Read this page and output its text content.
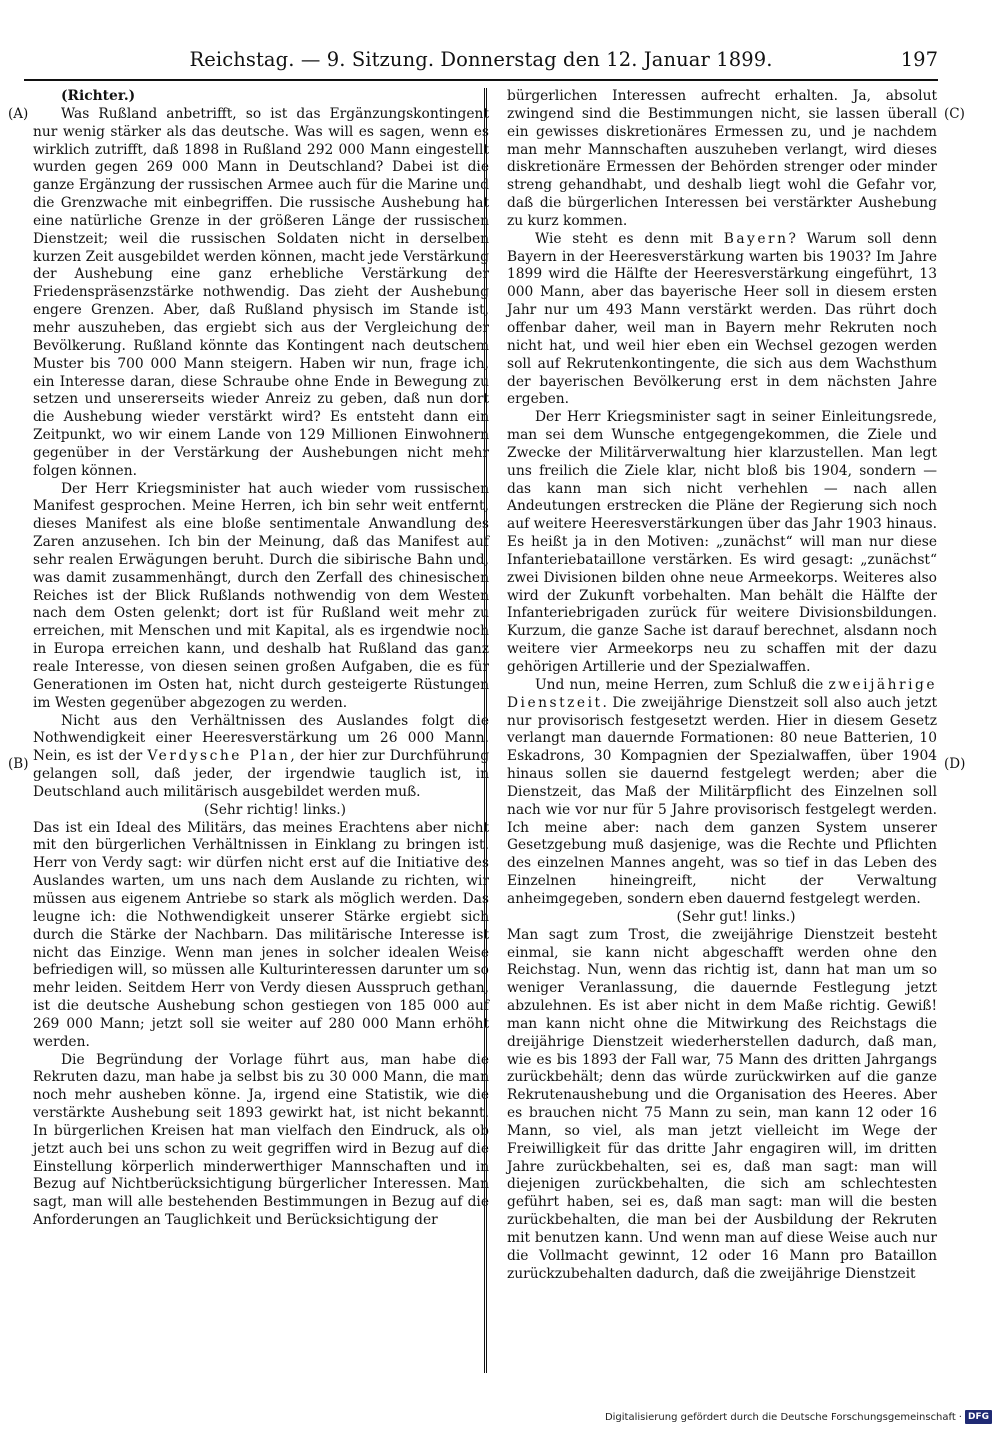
Reichstag. — 9. Sitzung. Donnerstag den 12. Januar 1899.	197
(A)
(B)
(C)
(D)

(Richter.)

Was Rußland anbetrifft, so ist das Ergänzungskontingent nur wenig stärker als das deutsche. Was will es sagen, wenn es wirklich zutrifft, daß 1898 in Rußland 292 000 Mann eingestellt wurden gegen 269 000 Mann in Deutschland? Dabei ist die ganze Ergänzung der russischen Armee auch für die Marine und die Grenzwache mit einbegriffen. Die russische Aushebung hat eine natürliche Grenze in der größeren Länge der russischen Dienstzeit; weil die russischen Soldaten nicht in derselben kurzen Zeit ausgebildet werden können, macht jede Verstärkung der Aushebung eine ganz erhebliche Verstärkung der Friedenspräsenzstärke nothwendig. Das zieht der Aushebung engere Grenzen. Aber, daß Rußland physisch im Stande ist, mehr auszuheben, das ergiebt sich aus der Vergleichung der Bevölkerung. Rußland könnte das Kontingent nach deutschem Muster bis 700 000 Mann steigern. Haben wir nun, frage ich, ein Interesse daran, diese Schraube ohne Ende in Bewegung zu setzen und unsererseits wieder Anreiz zu geben, daß nun dort die Aushebung wieder verstärkt wird? Es entsteht dann ein Zeitpunkt, wo wir einem Lande von 129 Millionen Einwohnern gegenüber in der Verstärkung der Aushebungen nicht mehr folgen können.

Der Herr Kriegsminister hat auch wieder vom russischen Manifest gesprochen. Meine Herren, ich bin sehr weit entfernt, dieses Manifest als eine bloße sentimentale Anwandlung des Zaren anzusehen. Ich bin der Meinung, daß das Manifest auf sehr realen Erwägungen beruht. Durch die sibirische Bahn und, was damit zusammenhängt, durch den Zerfall des chinesischen Reiches ist der Blick Rußlands nothwendig von dem Westen nach dem Osten gelenkt; dort ist für Rußland weit mehr zu erreichen, mit Menschen und mit Kapital, als es irgendwie noch in Europa erreichen kann, und deshalb hat Rußland das ganz reale Interesse, von diesen seinen großen Aufgaben, die es für Generationen im Osten hat, nicht durch gesteigerte Rüstungen im Westen gegenüber abgezogen zu werden.

Nicht aus den Verhältnissen des Auslandes folgt die Nothwendigkeit einer Heeresverstärkung um 26 000 Mann. Nein, es ist der Verdysche Plan, der hier zur Durchführung gelangen soll, daß jeder, der irgendwie tauglich ist, in Deutschland auch militärisch ausgebildet werden muß.

(Sehr richtig! links.)

Das ist ein Ideal des Militärs, das meines Erachtens aber nicht mit den bürgerlichen Verhältnissen in Einklang zu bringen ist. Herr von Verdy sagt: wir dürfen nicht erst auf die Initiative des Auslandes warten, um uns nach dem Auslande zu richten, wir müssen aus eigenem Antriebe so stark als möglich werden. Das leugne ich: die Nothwendigkeit unserer Stärke ergiebt sich durch die Stärke der Nachbarn. Das militärische Interesse ist nicht das Einzige. Wenn man jenes in solcher idealen Weise befriedigen will, so müssen alle Kulturinteressen darunter um so mehr leiden. Seitdem Herr von Verdy diesen Ausspruch gethan, ist die deutsche Aushebung schon gestiegen von 185 000 auf 269 000 Mann; jetzt soll sie weiter auf 280 000 Mann erhöht werden.

Die Begründung der Vorlage führt aus, man habe die Rekruten dazu, man habe ja selbst bis zu 30 000 Mann, die man noch mehr ausheben könne. Ja, irgend eine Statistik, wie die verstärkte Aushebung seit 1893 gewirkt hat, ist nicht bekannt. In bürgerlichen Kreisen hat man vielfach den Eindruck, als ob jetzt auch bei uns schon zu weit gegriffen wird in Bezug auf die Einstellung körperlich minderwerthiger Mannschaften und in Bezug auf Nichtberücksichtigung bürgerlicher Interessen. Man sagt, man will alle bestehenden Bestimmungen in Bezug auf die Anforderungen an Tauglichkeit und Berücksichtigung der

bürgerlichen Interessen aufrecht erhalten. Ja, absolut zwingend sind die Bestimmungen nicht, sie lassen überall ein gewisses diskretionäres Ermessen zu, und je nachdem man mehr Mannschaften auszuheben verlangt, wird dieses diskretionäre Ermessen der Behörden strenger oder minder streng gehandhabt, und deshalb liegt wohl die Gefahr vor, daß die bürgerlichen Interessen bei verstärkter Aushebung zu kurz kommen.

Wie steht es denn mit Bayern? Warum soll denn Bayern in der Heeresverstärkung warten bis 1903? Im Jahre 1899 wird die Hälfte der Heeresverstärkung eingeführt, 13 000 Mann, aber das bayerische Heer soll in diesem ersten Jahr nur um 493 Mann verstärkt werden. Das rührt doch offenbar daher, weil man in Bayern mehr Rekruten noch nicht hat, und weil hier eben ein Wechsel gezogen werden soll auf Rekrutenkontingente, die sich aus dem Wachsthum der bayerischen Bevölkerung erst in dem nächsten Jahre ergeben.

Der Herr Kriegsminister sagt in seiner Einleitungsrede, man sei dem Wunsche entgegengekommen, die Ziele und Zwecke der Militärverwaltung hier klarzustellen. Man legt uns freilich die Ziele klar, nicht bloß bis 1904, sondern — das kann man sich nicht verhehlen — nach allen Andeutungen erstrecken die Pläne der Regierung sich noch auf weitere Heeresverstärkungen über das Jahr 1903 hinaus. Es heißt ja in den Motiven: „zunächst“ will man nur diese Infanteriebataillone verstärken. Es wird gesagt: „zunächst“ zwei Divisionen bilden ohne neue Armeekorps. Weiteres also wird der Zukunft vorbehalten. Man behält die Hälfte der Infanteriebrigaden zurück für weitere Divisionsbildungen. Kurzum, die ganze Sache ist darauf berechnet, alsdann noch weitere vier Armeekorps neu zu schaffen mit der dazu gehörigen Artillerie und der Spezialwaffen.

Und nun, meine Herren, zum Schluß die zweijährige Dienstzeit. Die zweijährige Dienstzeit soll also auch jetzt nur provisorisch festgesetzt werden. Hier in diesem Gesetz verlangt man dauernde Formationen: 80 neue Batterien, 10 Eskadrons, 30 Kompagnien der Spezialwaffen, über 1904 hinaus sollen sie dauernd festgelegt werden; aber die Dienstzeit, das Maß der Militärpflicht des Einzelnen soll nach wie vor nur für 5 Jahre provisorisch festgelegt werden. Ich meine aber: nach dem ganzen System unserer Gesetzgebung muß dasjenige, was die Rechte und Pflichten des einzelnen Mannes angeht, was so tief in das Leben des Einzelnen hineingreift, nicht der Verwaltung anheimgegeben, sondern eben dauernd festgelegt werden.

(Sehr gut! links.)

Man sagt zum Trost, die zweijährige Dienstzeit besteht einmal, sie kann nicht abgeschafft werden ohne den Reichstag. Nun, wenn das richtig ist, dann hat man um so weniger Veranlassung, die dauernde Festlegung jetzt abzulehnen. Es ist aber nicht in dem Maße richtig. Gewiß! man kann nicht ohne die Mitwirkung des Reichstags die dreijährige Dienstzeit wiederherstellen dadurch, daß man, wie es bis 1893 der Fall war, 75 Mann des dritten Jahrgangs zurückbehält; denn das würde zurückwirken auf die ganze Rekrutenaushebung und die Organisation des Heeres. Aber es brauchen nicht 75 Mann zu sein, man kann 12 oder 16 Mann, so viel, als man jetzt vielleicht im Wege der Freiwilligkeit für das dritte Jahr engagiren will, im dritten Jahre zurückbehalten, sei es, daß man sagt: man will diejenigen zurückbehalten, die sich am schlechtesten geführt haben, sei es, daß man sagt: man will die besten zurückbehalten, die man bei der Ausbildung der Rekruten mit benutzen kann. Und wenn man auf diese Weise auch nur die Vollmacht gewinnt, 12 oder 16 Mann pro Bataillon zurückzubehalten dadurch, daß die zweijährige Dienstzeit

Digitalisierung gefördert durch die Deutsche Forschungsgemeinschaft · DFG
